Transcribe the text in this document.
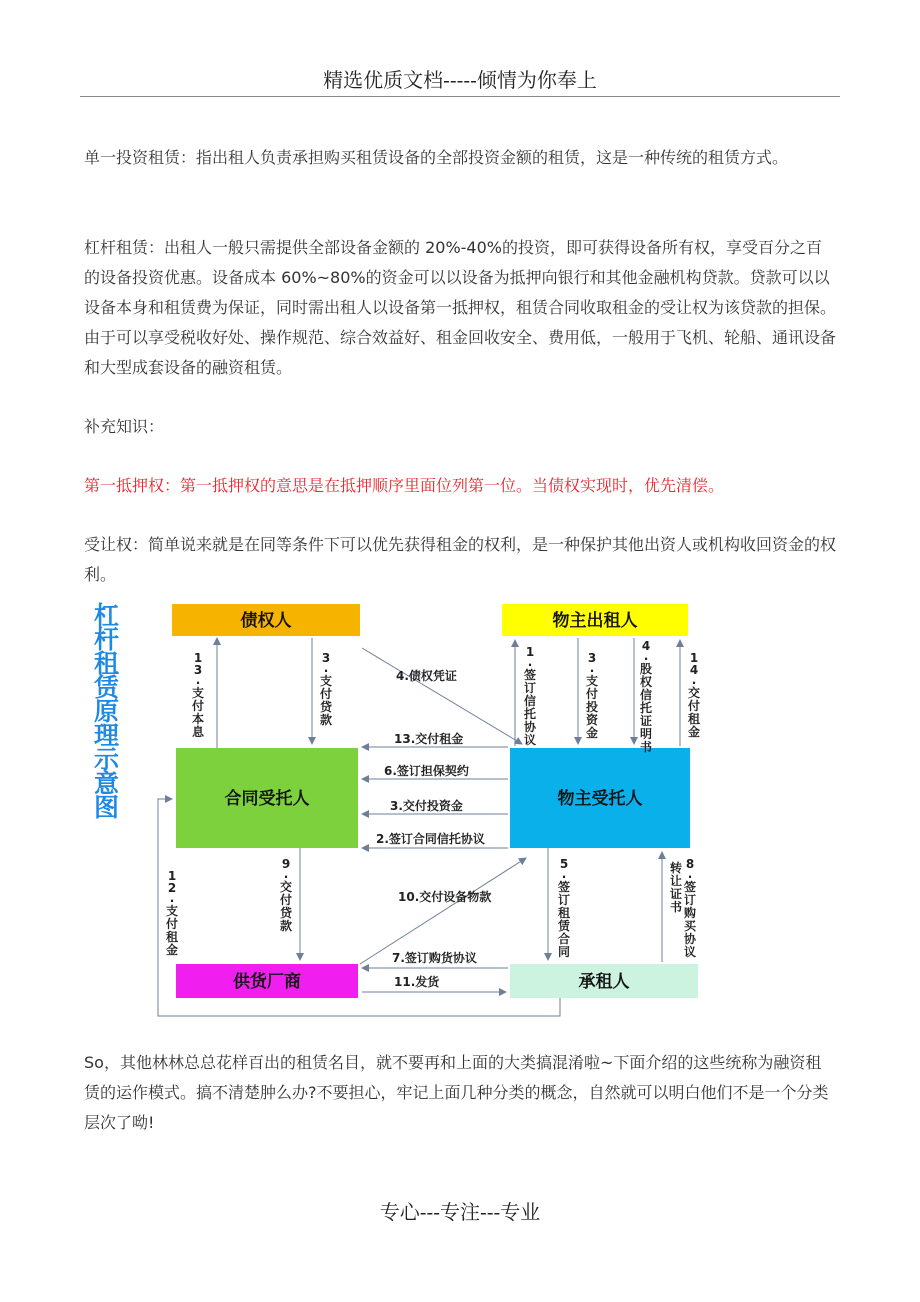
精选优质文档-----倾情为你奉上
单一投资租赁：指出租人负责承担购买租赁设备的全部投资金额的租赁，这是一种传统的租赁方式。
杠杆租赁：出租人一般只需提供全部设备金额的 20%-40%的投资，即可获得设备所有权，享受百分之百的设备投资优惠。设备成本 60%~80%的资金可以以设备为抵押向银行和其他金融机构贷款。贷款可以以设备本身和租赁费为保证，同时需出租人以设备第一抵押权，租赁合同收取租金的受让权为该贷款的担保。由于可以享受税收好处、操作规范、综合效益好、租金回收安全、费用低，一般用于飞机、轮船、通讯设备和大型成套设备的融资租赁。
补充知识：
第一抵押权：第一抵押权的意思是在抵押顺序里面位列第一位。当债权实现时，优先清偿。
受让权：简单说来就是在同等条件下可以优先获得租金的权利，是一种保护其他出资人或机构收回资金的权利。
杠
杆
租
赁
原
理
示
意
图
债权人	物主出租人
合同受托人	物主受托人
供货厂商	承租人
1
3
.
支
付
本
息
3
.
支
付
贷
款
1
.
签
订
信
托
协
议
3
.
支
付
投
资
金
4
.
股
权
信
托
证
明
书
1
4
.
交
付
租
金
1
2
.
支
付
租
金
9
.
交
付
贷
款
5
.
签
订
租
赁
合
同
转
让
证
书
8
.
签
订
购
买
协
议
4.债权凭证
13.交付租金
6.签订担保契约
3.交付投资金
2.签订合同信托协议
10.交付设备物款
7.签订购货协议
11.发货
So，其他林林总总花样百出的租赁名目，就不要再和上面的大类搞混淆啦~下面介绍的这些统称为融资租赁的运作模式。搞不清楚肿么办?不要担心，牢记上面几种分类的概念，自然就可以明白他们不是一个分类层次了呦!
专心---专注---专业
